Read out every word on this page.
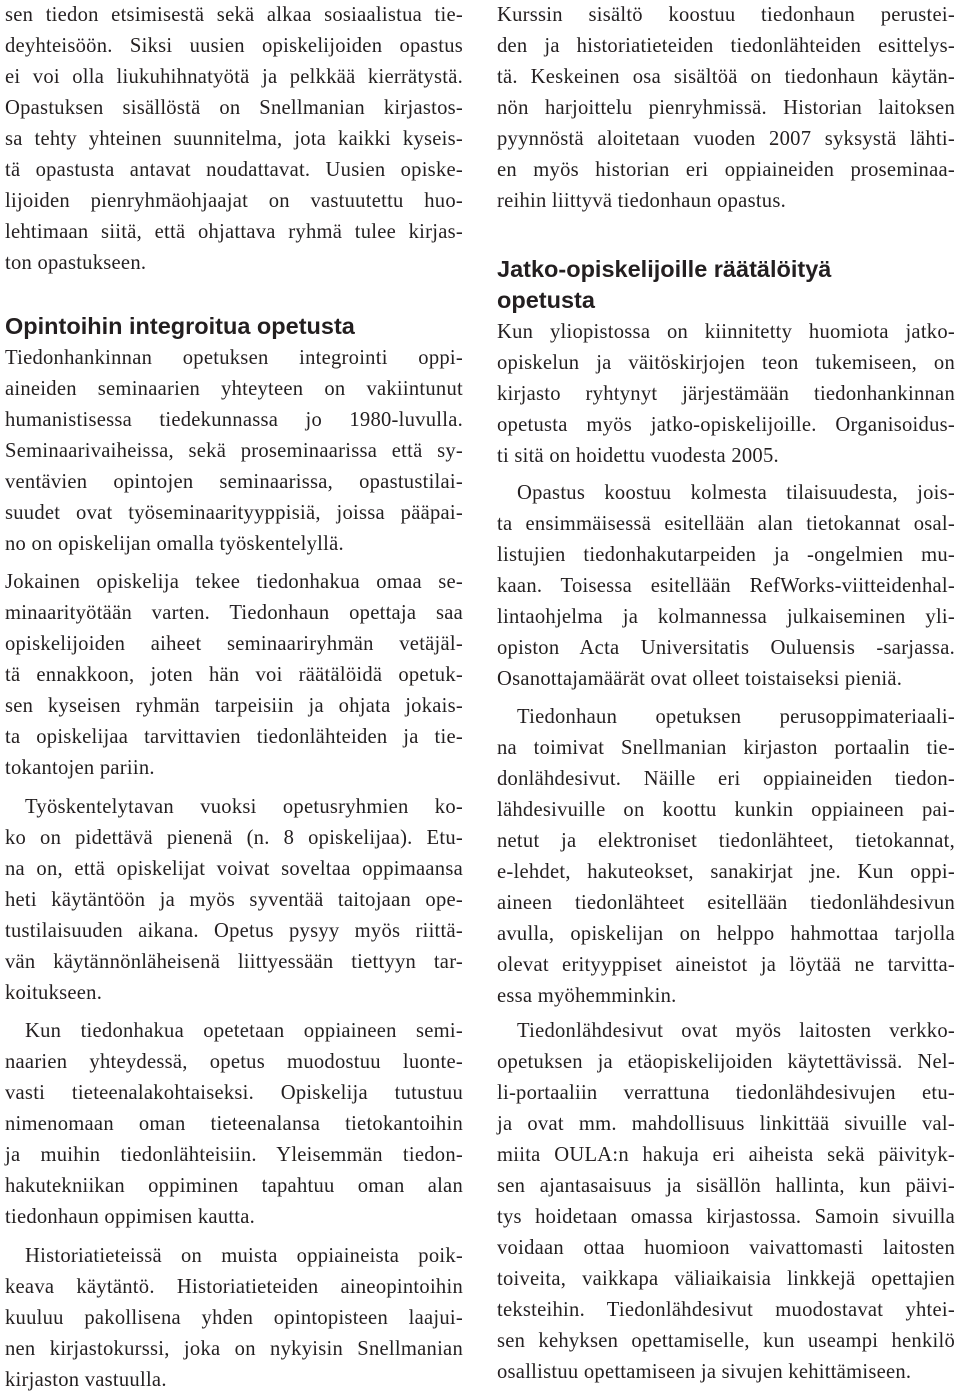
sen tiedon etsimisestä sekä alkaa sosiaalistua tie-
deyhteisöön. Siksi uusien opiskelijoiden opastus
ei voi olla liukuhihnatyötä ja pelkkää kierrätystä.
Opastuksen sisällöstä on Snellmanian kirjastos-
sa tehty yhteinen suunnitelma, jota kaikki kyseis-
tä opastusta antavat noudattavat. Uusien opiske-
lijoiden pienryhmäohjaajat on vastuutettu huo-
lehtimaan siitä, että ohjattava ryhmä tulee kirjas-
ton opastukseen.
Tiedonhankinnan opetuksen integrointi oppi-
aineiden seminaarien yhteyteen on vakiintunut
humanistisessa tiedekunnassa jo 1980-luvulla.
Seminaarivaiheissa, sekä proseminaarissa että sy-
ventävien opintojen seminaarissa, opastustilai-
suudet ovat työseminaarityyppisiä, joissa pääpai-
no on opiskelijan omalla työskentelyllä.
Jokainen opiskelija tekee tiedonhakua omaa se-
minaarityötään varten. Tiedonhaun opettaja saa
opiskelijoiden aiheet seminaariryhmän vetäjäl-
tä ennakkoon, joten hän voi räätälöidä opetuk-
sen kyseisen ryhmän tarpeisiin ja ohjata jokais-
ta opiskelijaa tarvittavien tiedonlähteiden ja tie-
tokantojen pariin.
Työskentelytavan vuoksi opetusryhmien ko-
ko on pidettävä pienenä (n. 8 opiskelijaa). Etu-
na on, että opiskelijat voivat soveltaa oppimaansa
heti käytäntöön ja myös syventää taitojaan ope-
tustilaisuuden aikana. Opetus pysyy myös riittä-
vän käytännönläheisenä liittyessään tiettyyn tar-
koitukseen.
Kun tiedonhakua opetetaan oppiaineen semi-
naarien yhteydessä, opetus muodostuu luonte-
vasti tieteenalakohtaiseksi. Opiskelija tutustuu
nimenomaan oman tieteenalansa tietokantoihin
ja muihin tiedonlähteisiin. Yleisemmän tiedon-
hakutekniikan oppiminen tapahtuu oman alan
tiedonhaun oppimisen kautta.
Historiatieteissä on muista oppiaineista poik-
keava käytäntö. Historiatieteiden aineopintoihin
kuuluu pakollisena yhden opintopisteen laajui-
nen kirjastokurssi, joka on nykyisin Snellmanian
kirjaston vastuulla.
Opintoihin integroitua opetusta
Kurssin sisältö koostuu tiedonhaun perustei-
den ja historiatieteiden tiedonlähteiden esittelys-
tä. Keskeinen osa sisältöä on tiedonhaun käytän-
nön harjoittelu pienryhmissä. Historian laitoksen
pyynnöstä aloitetaan vuoden 2007 syksystä lähti-
en myös historian eri oppiaineiden proseminaa-
reihin liittyvä tiedonhaun opastus.
Kun yliopistossa on kiinnitetty huomiota jatko-
opiskelun ja väitöskirjojen teon tukemiseen, on
kirjasto ryhtynyt järjestämään tiedonhankinnan
opetusta myös jatko-opiskelijoille. Organisoidus-
ti sitä on hoidettu vuodesta 2005.
Opastus koostuu kolmesta tilaisuudesta, jois-
ta ensimmäisessä esitellään alan tietokannat osal-
listujien tiedonhakutarpeiden ja -ongelmien mu-
kaan. Toisessa esitellään RefWorks-viitteidenhal-
lintaohjelma ja kolmannessa julkaiseminen yli-
opiston Acta Universitatis Ouluensis -sarjassa.
Osanottajamäärät ovat olleet toistaiseksi pieniä.
Tiedonhaun opetuksen perusoppimateriaali-
na toimivat Snellmanian kirjaston portaalin tie-
donlähdesivut. Näille eri oppiaineiden tiedon-
lähdesivuille on koottu kunkin oppiaineen pai-
netut ja elektroniset tiedonlähteet, tietokannat,
e-lehdet, hakuteokset, sanakirjat jne. Kun oppi-
aineen tiedonlähteet esitellään tiedonlähdesivun
avulla, opiskelijan on helppo hahmottaa tarjolla
olevat erityyppiset aineistot ja löytää ne tarvitta-
essa myöhemminkin.
Tiedonlähdesivut ovat myös laitosten verkko-
opetuksen ja etäopiskelijoiden käytettävissä. Nel-
li-portaaliin verrattuna tiedonlähdesivujen etu-
ja ovat mm. mahdollisuus linkittää sivuille val-
miita OULA:n hakuja eri aiheista sekä päivityk-
sen ajantasaisuus ja sisällön hallinta, kun päivi-
tys hoidetaan omassa kirjastossa. Samoin sivuilla
voidaan ottaa huomioon vaivattomasti laitosten
toiveita, vaikkapa väliaikaisia linkkejä opettajien
teksteihin. Tiedonlähdesivut muodostavat yhtei-
sen kehyksen opettamiselle, kun useampi henkilö
osallistuu opettamiseen ja sivujen kehittämiseen.
Jatko-opiskelijoille räätälöityä
opetusta
